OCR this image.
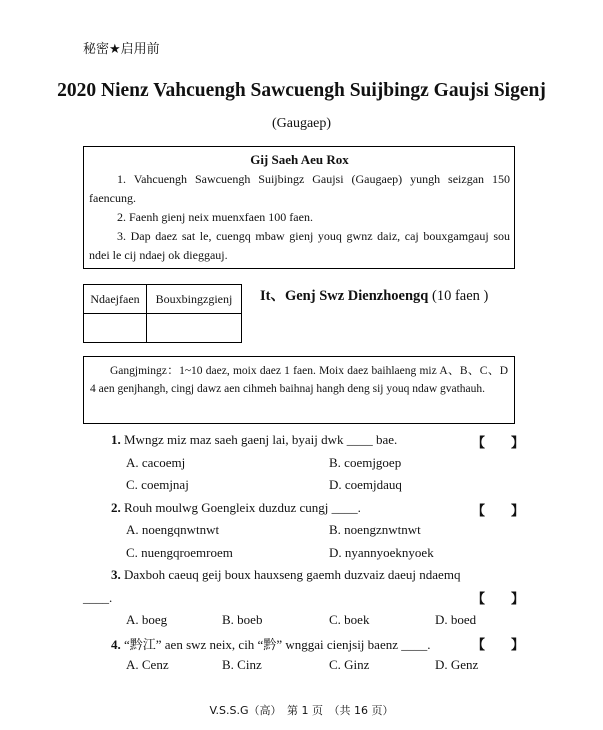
秘密★启用前
2020 Nienz Vahcuengh Sawcuengh Suijbingz Gaujsi Sigenj
(Gaugaep)
Gij Saeh Aeu Rox

1. Vahcuengh Sawcuengh Suijbingz Gaujsi (Gaugaep) yungh seizgan 150 faencung.

2. Faenh gienj neix muenxfaen 100 faen.

3. Dap daez sat le, cuengq mbaw gienj youq gwnz daiz, caj bouxgamgauj sou ndei le cij ndaej ok dieggauj.

Ndaejfaen	Bouxbingzgienj
	It、Genj Swz Dienzhoengq (10 faen )

Gangjmingz：1~10 daez, moix daez 1 faen. Moix daez baihlaeng miz A、B、C、D 4 aen genjhangh, cingj dawz aen cihmeh baihnaj hangh deng sij youq ndaw gvathauh.

1. Mwngz miz maz saeh gaenj lai, byaij dwk ____ bae.	【　　】
A. cacoemj	B. coemjgoep
C. coemjnaj	D. coemjdauq
2. Rouh moulwg Goengleix duzduz cungj ____.	【　　】
A. noengqnwtnwt	B. noengznwtnwt
C. nuengqroemroem	D. nyannyoeknyoek
3. Daxboh caeuq geij boux hauxseng gaemh duzvaiz daeuj ndaemq
____.	【　　】
A. boeg	B. boeb	C. boek	D. boed
4. “黔江” aen swz neix, cih “黔” wnggai cienjsij baenz ____.	【　　】
A. Cenz	B. Cinz	C. Ginz	D. Genz
V.S.S.G（高）　第 1 页　（共 16 页）
